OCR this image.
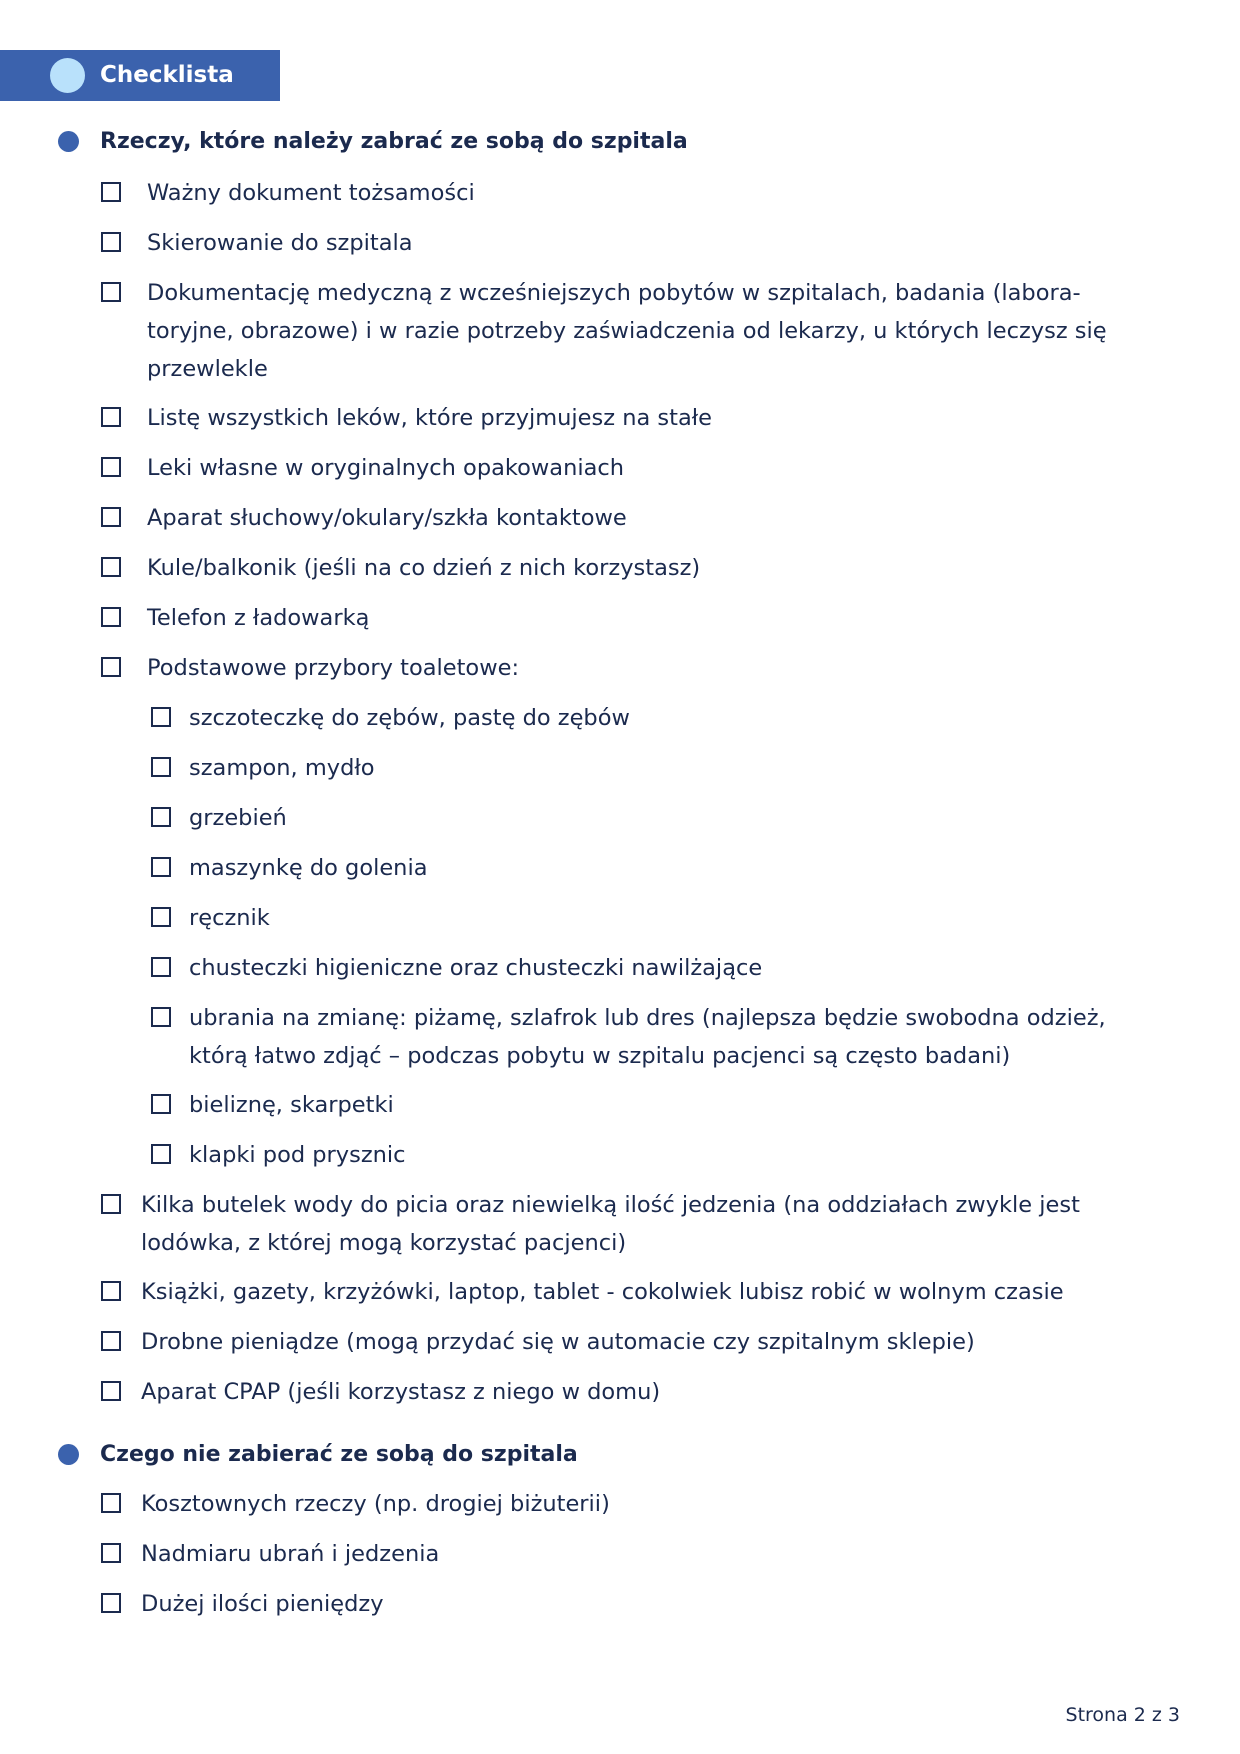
Checklista
Rzeczy, które należy zabrać ze sobą do szpitala
Ważny dokument tożsamości
Skierowanie do szpitala
Dokumentację medyczną z wcześniejszych pobytów w szpitalach, badania (labora-
toryjne, obrazowe) i w razie potrzeby zaświadczenia od lekarzy, u których leczysz się
przewlekle
Listę wszystkich leków, które przyjmujesz na stałe
Leki własne w oryginalnych opakowaniach
Aparat słuchowy/okulary/szkła kontaktowe
Kule/balkonik (jeśli na co dzień z nich korzystasz)
Telefon z ładowarką
Podstawowe przybory toaletowe:
szczoteczkę do zębów, pastę do zębów
szampon, mydło
grzebień
maszynkę do golenia
ręcznik
chusteczki higieniczne oraz chusteczki nawilżające
ubrania na zmianę: piżamę, szlafrok lub dres (najlepsza będzie swobodna odzież,
którą łatwo zdjąć – podczas pobytu w szpitalu pacjenci są często badani)
bieliznę, skarpetki
klapki pod prysznic
Kilka butelek wody do picia oraz niewielką ilość jedzenia (na oddziałach zwykle jest
lodówka, z której mogą korzystać pacjenci)
Książki, gazety, krzyżówki, laptop, tablet - cokolwiek lubisz robić w wolnym czasie
Drobne pieniądze (mogą przydać się w automacie czy szpitalnym sklepie)
Aparat CPAP (jeśli korzystasz z niego w domu)
Czego nie zabierać ze sobą do szpitala
Kosztownych rzeczy (np. drogiej biżuterii)
Nadmiaru ubrań i jedzenia
Dużej ilości pieniędzy
Strona 2 z 3
